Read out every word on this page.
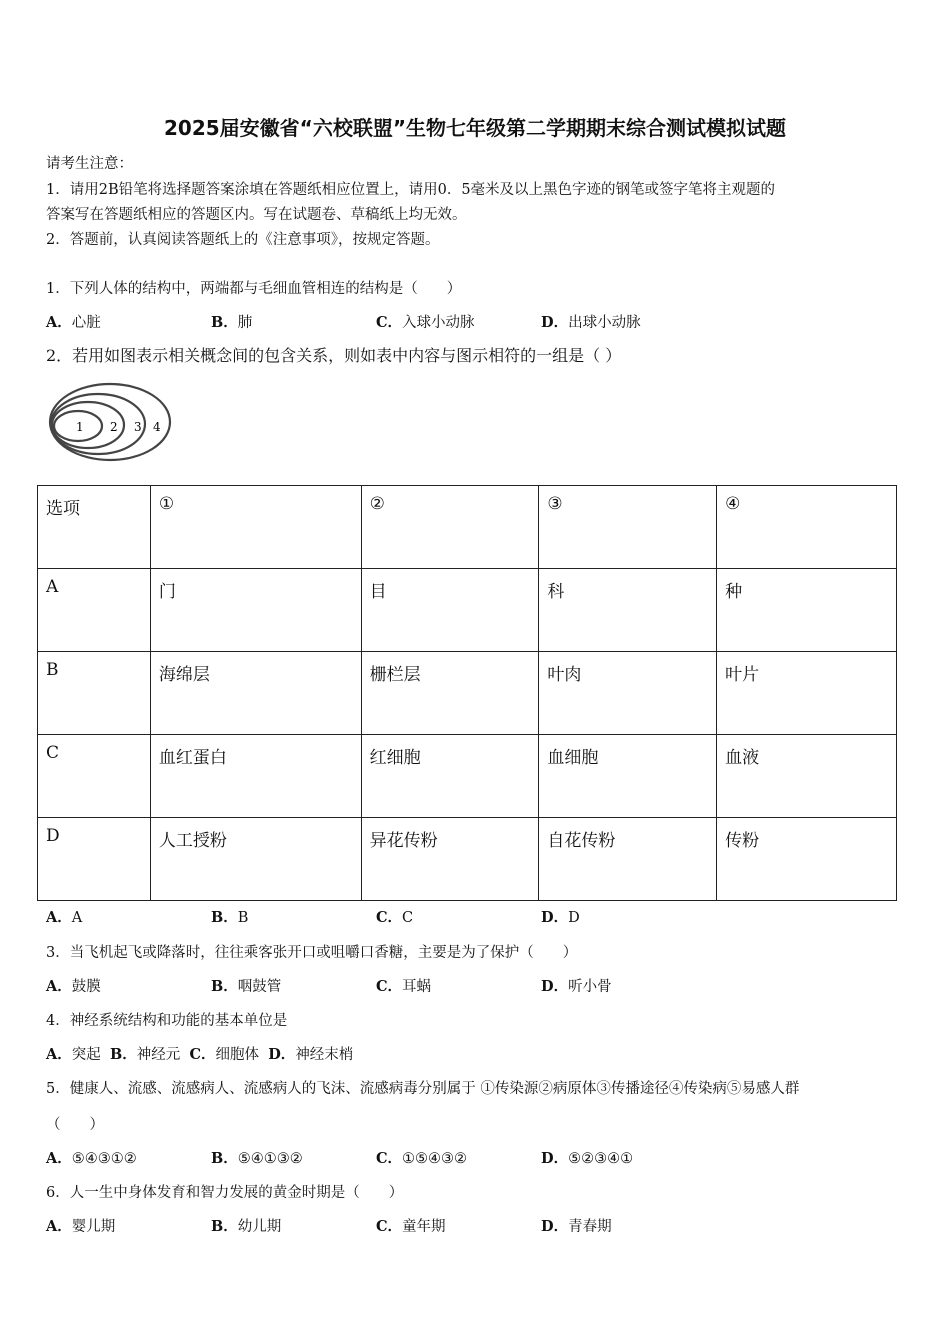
2025届安徽省“六校联盟”生物七年级第二学期期末综合测试模拟试题
请考生注意：
1．请用2B铅笔将选择题答案涂填在答题纸相应位置上，请用0．5毫米及以上黑色字迹的钢笔或签字笔将主观题的
答案写在答题纸相应的答题区内。写在试题卷、草稿纸上均无效。
2．答题前，认真阅读答题纸上的《注意事项》，按规定答题。
1．下列人体的结构中，两端都与毛细血管相连的结构是（　　）
A．心脏	B．肺	C．入球小动脉	D．出球小动脉
2．若用如图表示相关概念间的包含关系，则如表中内容与图示相符的一组是（ ）
1 2 3 4
选项	①	②	③	④
A	门	目	科	种
B	海绵层	栅栏层	叶肉	叶片
C	血红蛋白	红细胞	血细胞	血液
D	人工授粉	异花传粉	自花传粉	传粉
A．A	B．B	C．C	D．D
3．当飞机起飞或降落时，往往乘客张开口或咀嚼口香糖，主要是为了保护（　　）
A．鼓膜	B．咽鼓管	C．耳蜗	D．听小骨
4．神经系统结构和功能的基本单位是
A．突起 B．神经元 C．细胞体 D．神经末梢
5．健康人、流感、流感病人、流感病人的飞沫、流感病毒分别属于 ①传染源②病原体③传播途径④传染病⑤易感人群
（　　）
A．⑤④③①②	B．⑤④①③②	C．①⑤④③②	D．⑤②③④①
6．人一生中身体发育和智力发展的黄金时期是（　　）
A．婴儿期	B．幼儿期	C．童年期	D．青春期
